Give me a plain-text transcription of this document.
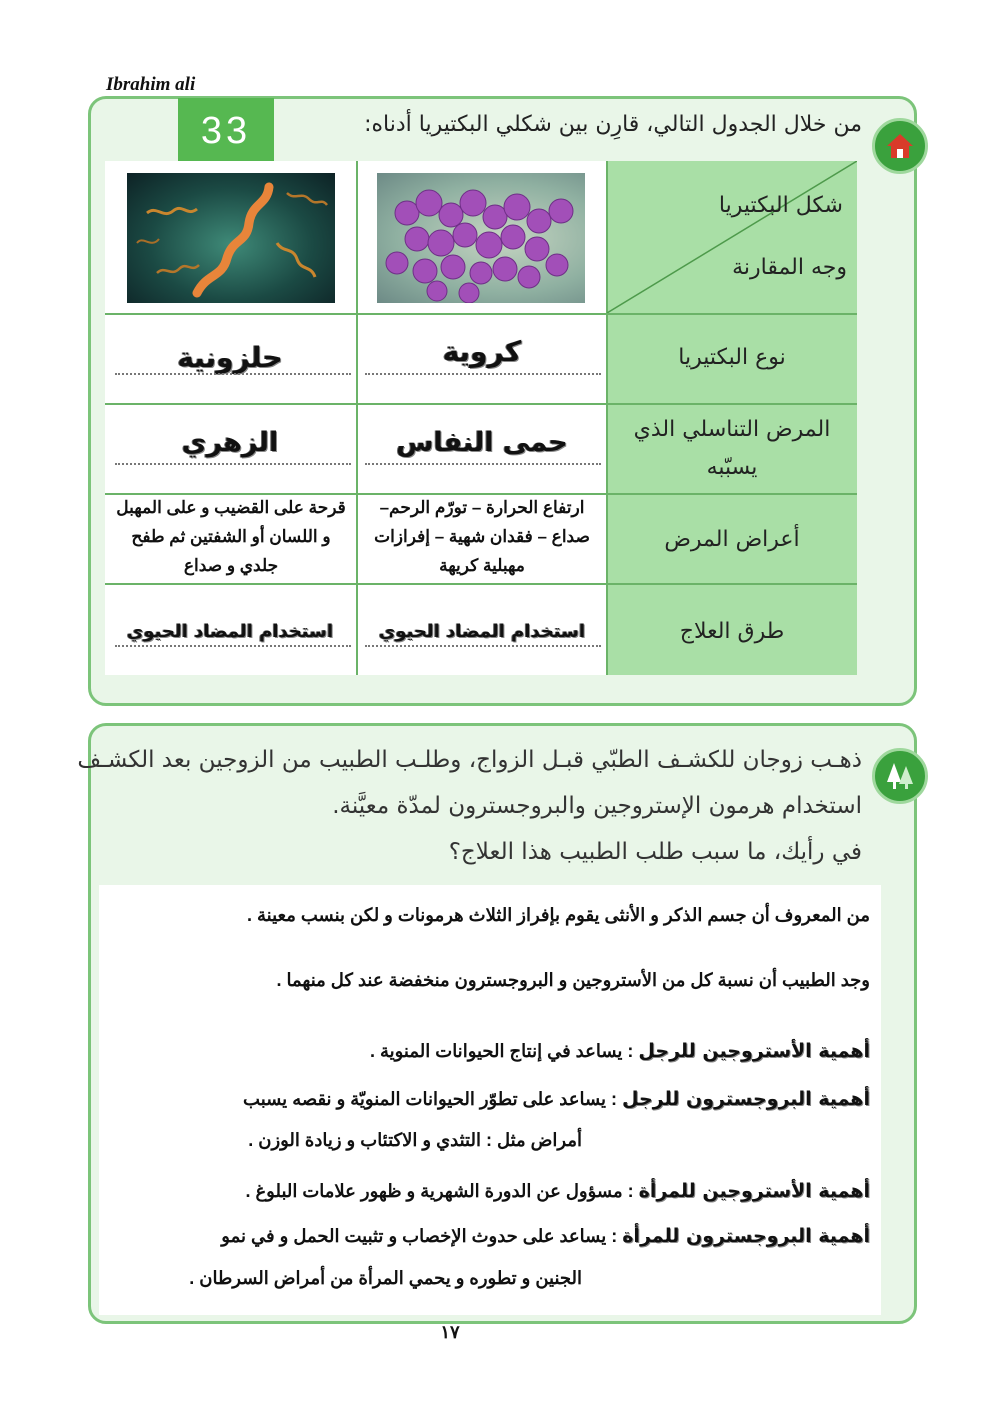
Ibrahim ali
33	من خلال الجدول التالي، قارِن بين شكلي البكتيريا أدناه:
شكل البكتيريا
وجه المقارنة
نوع البكتيريا
كروية
حلزونية
المرض التناسلي الذي يسبّبه
حمى النفاس
الزهري
أعراض المرض
ارتفاع الحرارة – تورّم الرحم– صداع – فقدان شهية – إفرازات مهبلية كريهة
قرحة على القضيب و على المهبل و اللسان أو الشفتين ثم طفح جلدي و صداع
طرق العلاج
استخدام المضاد الحيوي
استخدام المضاد الحيوي
ذهـب زوجان للكشـف الطبّي قبـل الزواج، وطلـب الطبيب من الزوجين بعد الكشـف
استخدام هرمون الإستروجين والبروجسترون لمدّة معيَّنة.
في رأيك، ما سبب طلب الطبيب هذا العلاج؟
من المعروف أن جسم الذكر و الأنثى يقوم بإفراز الثلاث هرمونات و لكن بنسب معينة .
وجد الطبيب أن نسبة كل من الأستروجين و البروجسترون منخفضة عند كل منهما .
أهمية الأستروجين للرجل : يساعد في إنتاج الحيوانات المنوية .
أهمية البروجسترون للرجل : يساعد على تطوّر الحيوانات المنويّة و نقصه يسبب
أمراض مثل : التثدي و الاكتئاب و زيادة الوزن .
أهمية الأستروجين للمرأة : مسؤول عن الدورة الشهرية و ظهور علامات البلوغ .
أهمية البروجسترون للمرأة : يساعد على حدوث الإخصاب و تثبيت الحمل و في نمو
الجنين و تطوره و يحمي المرأة من أمراض السرطان .
١٧
